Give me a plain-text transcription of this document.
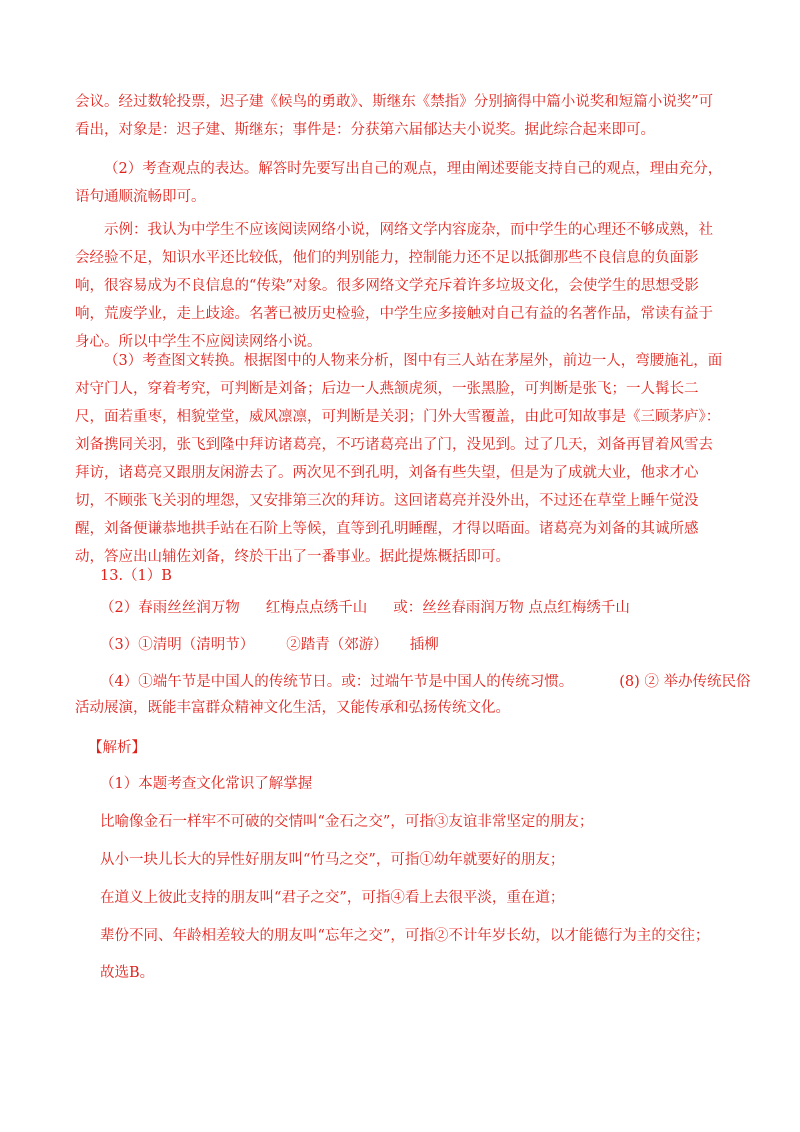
会议。经过数轮投票，迟子建《候鸟的勇敢》、斯继东《禁指》分别摘得中篇小说奖和短篇小说奖”可看出，对象是：迟子建、斯继东；事件是：分获第六届郁达夫小说奖。据此综合起来即可。
（2）考查观点的表达。解答时先要写出自己的观点，理由阐述要能支持自己的观点，理由充分，语句通顺流畅即可。
示例：我认为中学生不应该阅读网络小说，网络文学内容庞杂，而中学生的心理还不够成熟，社会经验不足，知识水平还比较低，他们的判别能力，控制能力还不足以抵御那些不良信息的负面影响，很容易成为不良信息的“传染”对象。很多网络文学充斥着许多垃圾文化，会使学生的思想受影响，荒废学业，走上歧途。名著已被历史检验，中学生应多接触对自己有益的名著作品，常读有益于身心。所以中学生不应阅读网络小说。
（3）考查图文转换。根据图中的人物来分析，图中有三人站在茅屋外，前边一人，弯腰施礼，面对守门人，穿着考究，可判断是刘备；后边一人燕颔虎须，一张黑脸，可判断是张飞；一人髯长二尺，面若重枣，相貌堂堂，威风凛凛，可判断是关羽；门外大雪覆盖，由此可知故事是《三顾茅庐》：刘备携同关羽，张飞到隆中拜访诸葛亮，不巧诸葛亮出了门，没见到。过了几天，刘备再冒着风雪去拜访，诸葛亮又跟朋友闲游去了。两次见不到孔明，刘备有些失望，但是为了成就大业，他求才心切，不顾张飞关羽的埋怨，又安排第三次的拜访。这回诸葛亮并没外出，不过还在草堂上睡午觉没醒，刘备便谦恭地拱手站在石阶上等候，直等到孔明睡醒，才得以晤面。诸葛亮为刘备的其诚所感动，答应出山辅佐刘备，终於干出了一番事业。据此提炼概括即可。
13.（1）B
（2）春雨丝丝润万物 红梅点点绣千山 或：丝丝春雨润万物 点点红梅绣千山
（3）①清明（清明节） ②踏青（郊游） 插柳
（4）①端午节是中国人的传统节日。或：过端午节是中国人的传统习惯。	(8) ② 举办传统民俗
活动展演，既能丰富群众精神文化生活，又能传承和弘扬传统文化。
【解析】
（1）本题考查文化常识了解掌握
比喻像金石一样牢不可破的交情叫“金石之交”，可指③友谊非常坚定的朋友；
从小一块儿长大的异性好朋友叫“竹马之交”，可指①幼年就要好的朋友；
在道义上彼此支持的朋友叫“君子之交”，可指④看上去很平淡，重在道；
辈份不同、年龄相差较大的朋友叫“忘年之交”，可指②不计年岁长幼，以才能德行为主的交往；
故选B。
